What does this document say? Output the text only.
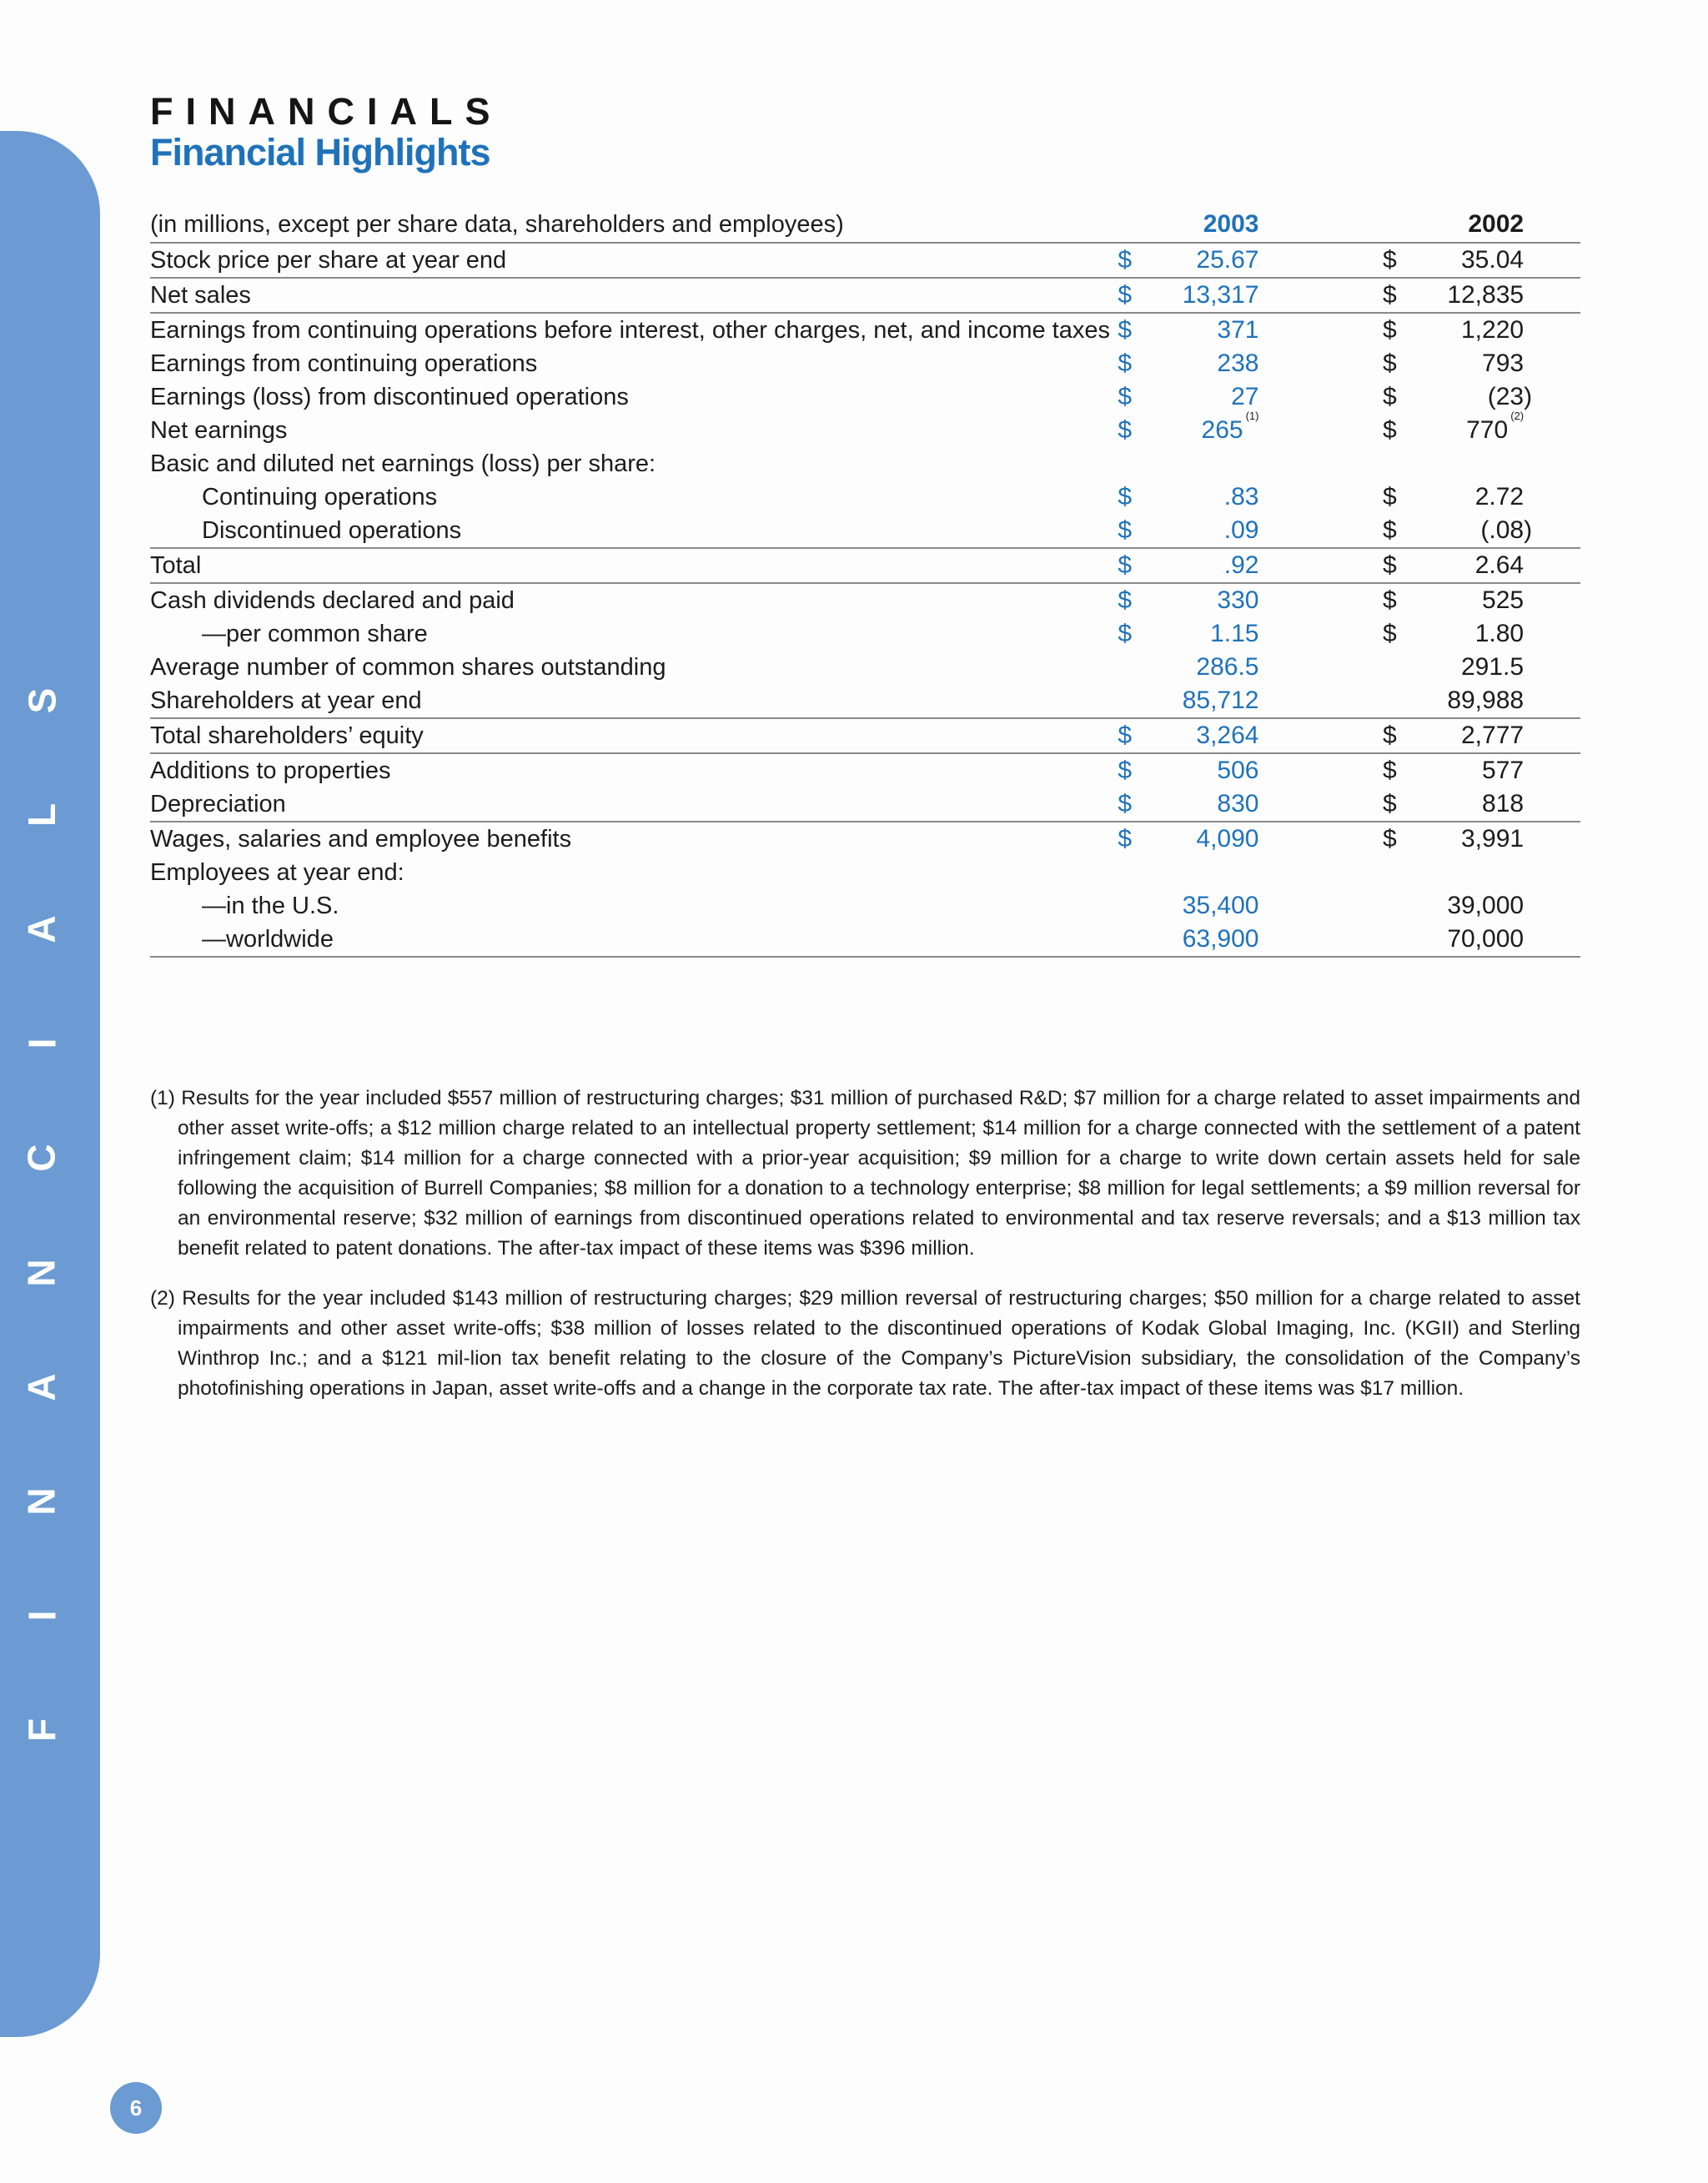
S
L
A
I
C
N
A
N
I
F
6
FINANCIALS
Financial Highlights
(in millions, except per share data, shareholders and employees)		2003			2002	
Stock price per share at year end	$	25.67		$	35.04	
Net sales	$	13,317		$	12,835	
Earnings from continuing operations before interest, other charges, net, and income taxes	$	371		$	1,220	
Earnings from continuing operations	$	238		$	793	
Earnings (loss) from discontinued operations	$	27		$	(23)	
Net earnings	$	265$^{(1)}$		$	770$^{(2)}$	
Basic and diluted net earnings (loss) per share:						
Continuing operations	$	.83		$	2.72	
Discontinued operations	$	.09		$	(.08)	
Total	$	.92		$	2.64	
Cash dividends declared and paid	$	330		$	525	
—per common share	$	1.15		$	1.80	
Average number of common shares outstanding		286.5			291.5	
Shareholders at year end		85,712			89,988	
Total shareholders’ equity	$	3,264		$	2,777	
Additions to properties	$	506		$	577	
Depreciation	$	830		$	818	
Wages, salaries and employee benefits	$	4,090		$	3,991	
Employees at year end:						
—in the U.S.		35,400			39,000	
—worldwide		63,900			70,000	

(1) Results for the year included $557 million of restructuring charges; $31 million of purchased R&D; $7 million for a charge related to asset impairments and other asset write-offs; a $12 million charge related to an intellectual property settlement; $14 million for a charge connected with the settlement of a patent infringement claim; $14 million for a charge connected with a prior-year acquisition; $9 million for a charge to write down certain assets held for sale following the acquisition of Burrell Companies; $8 million for a donation to a technology enterprise; $8 million for legal settlements; a $9 million reversal for an environmental reserve; $32 million of earnings from discontinued operations related to environmental and tax reserve reversals; and a $13 million tax benefit related to patent donations. The after-tax impact of these items was $396 million.

(2) Results for the year included $143 million of restructuring charges; $29 million reversal of restructuring charges; $50 million for a charge related to asset impairments and other asset write-offs; $38 million of losses related to the discontinued operations of Kodak Global Imaging, Inc. (KGII) and Sterling Winthrop Inc.; and a $121 mil-lion tax benefit relating to the closure of the Company’s PictureVision subsidiary, the consolidation of the Company’s photofinishing operations in Japan, asset write-offs and a change in the corporate tax rate. The after-tax impact of these items was $17 million.
